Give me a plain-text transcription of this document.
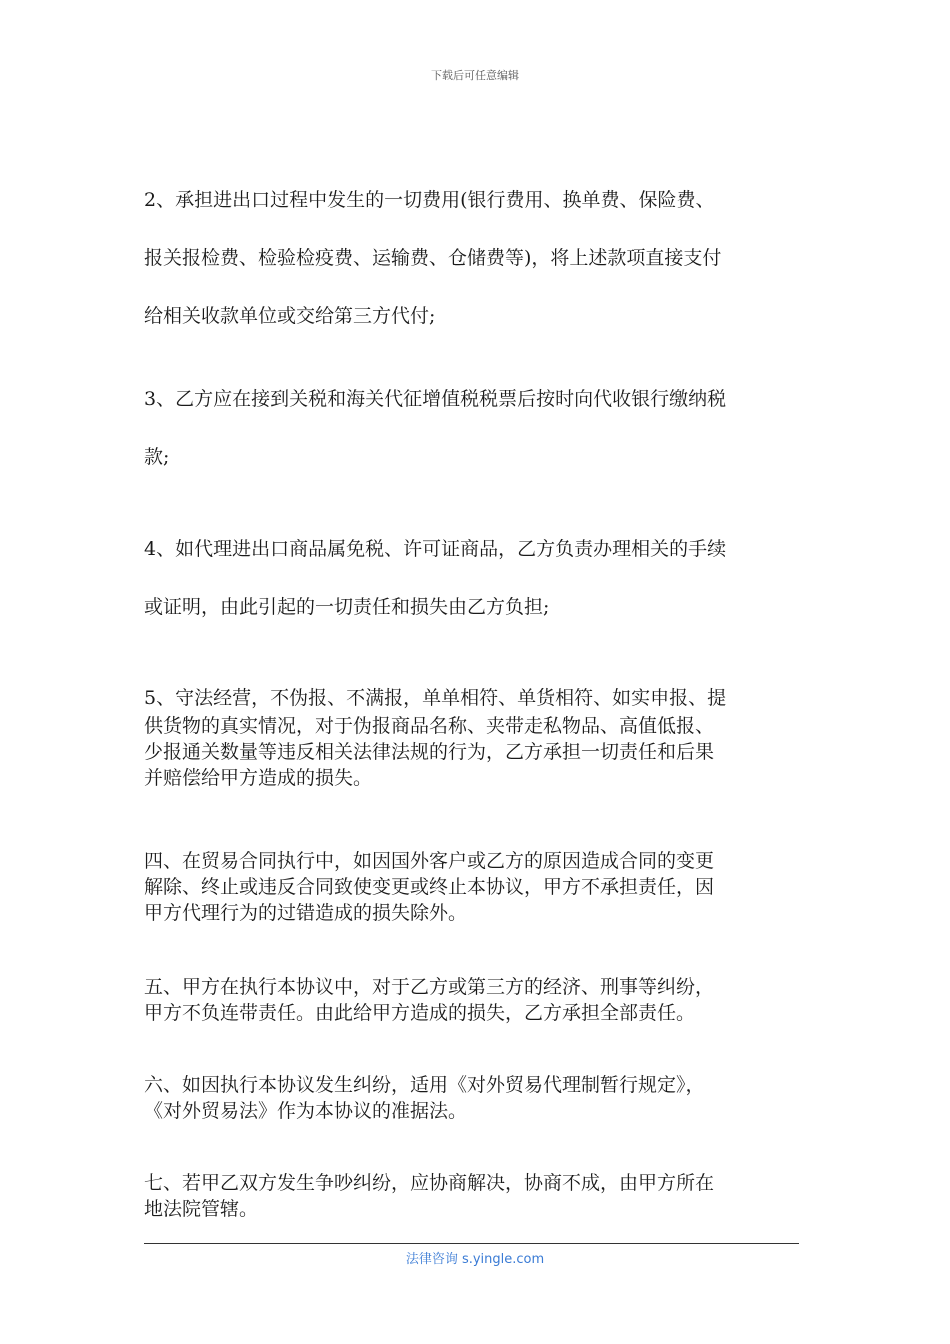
下载后可任意编辑
2、承担进出口过程中发生的一切费用(银行费用、换单费、保险费、
报关报检费、检验检疫费、运输费、仓储费等)，将上述款项直接支付
给相关收款单位或交给第三方代付;
3、乙方应在接到关税和海关代征增值税税票后按时向代收银行缴纳税
款;
4、如代理进出口商品属免税、许可证商品，乙方负责办理相关的手续
或证明，由此引起的一切责任和损失由乙方负担;
5、守法经营，不伪报、不满报，单单相符、单货相符、如实申报、提
供货物的真实情况，对于伪报商品名称、夹带走私物品、高值低报、
少报通关数量等违反相关法律法规的行为，乙方承担一切责任和后果
并赔偿给甲方造成的损失。
四、在贸易合同执行中，如因国外客户或乙方的原因造成合同的变更
解除、终止或违反合同致使变更或终止本协议，甲方不承担责任，因
甲方代理行为的过错造成的损失除外。
五、甲方在执行本协议中，对于乙方或第三方的经济、刑事等纠纷，
甲方不负连带责任。由此给甲方造成的损失，乙方承担全部责任。
六、如因执行本协议发生纠纷，适用《对外贸易代理制暂行规定》，
《对外贸易法》作为本协议的准据法。
七、若甲乙双方发生争吵纠纷，应协商解决，协商不成，由甲方所在
地法院管辖。
法律咨询 s.yingle.com
